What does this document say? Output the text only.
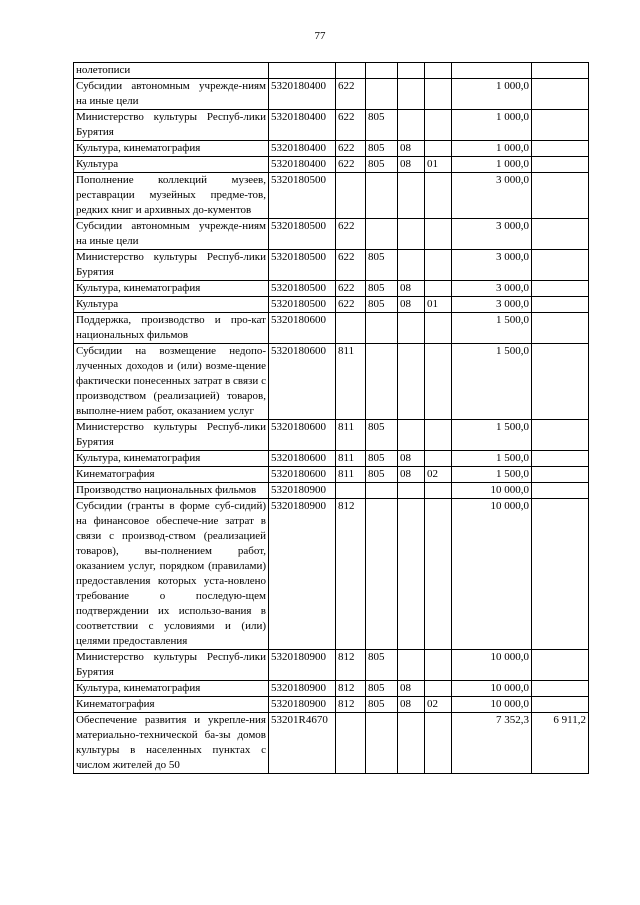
77
нолетописи							
Субсидии автономным учрежде-ниям на иные цели	5320180400	622				1 000,0	
Министерство культуры Респуб-лики Бурятия	5320180400	622	805			1 000,0	
Культура, кинематография	5320180400	622	805	08		1 000,0	
Культура	5320180400	622	805	08	01	1 000,0	
Пополнение коллекций музеев, реставрации музейных предме-тов, редких книг и архивных до-кументов	5320180500					3 000,0	
Субсидии автономным учрежде-ниям на иные цели	5320180500	622				3 000,0	
Министерство культуры Респуб-лики Бурятия	5320180500	622	805			3 000,0	
Культура, кинематография	5320180500	622	805	08		3 000,0	
Культура	5320180500	622	805	08	01	3 000,0	
Поддержка, производство и про-кат национальных фильмов	5320180600					1 500,0	
Субсидии на возмещение недопо-лученных доходов и (или) возме-щение фактически понесенных затрат в связи с производством (реализацией) товаров, выполне-нием работ, оказанием услуг	5320180600	811				1 500,0	
Министерство культуры Респуб-лики Бурятия	5320180600	811	805			1 500,0	
Культура, кинематография	5320180600	811	805	08		1 500,0	
Кинематография	5320180600	811	805	08	02	1 500,0	
Производство национальных фильмов	5320180900					10 000,0	
Субсидии (гранты в форме суб-сидий) на финансовое обеспече-ние затрат в связи с производ-ством (реализацией товаров), вы-полнением работ, оказанием услуг, порядком (правилами) предоставления которых уста-новлено требование о последую-щем подтверждении их использо-вания в соответствии с условиями и (или) целями предоставления	5320180900	812				10 000,0	
Министерство культуры Респуб-лики Бурятия	5320180900	812	805			10 000,0	
Культура, кинематография	5320180900	812	805	08		10 000,0	
Кинематография	5320180900	812	805	08	02	10 000,0	
Обеспечение развития и укрепле-ния материально-технической ба-зы домов культуры в населенных пунктах с числом жителей до 50	53201R4670					7 352,3	6 911,2
